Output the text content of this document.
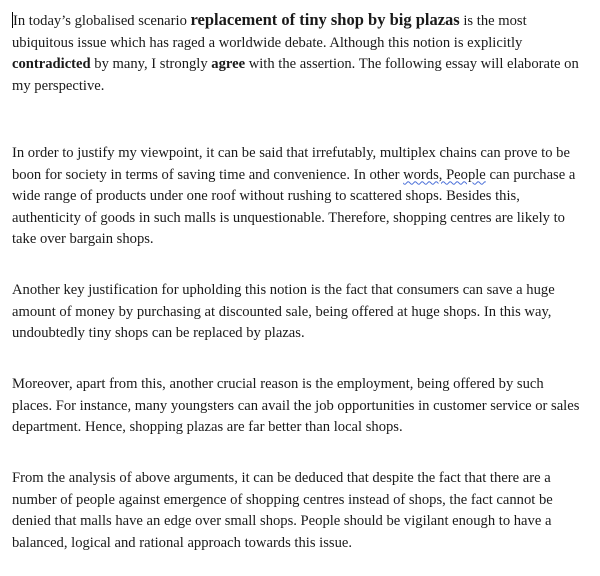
In today’s globalised scenario replacement of tiny shop by big plazas is the most ubiquitous issue which has raged a worldwide debate. Although this notion is explicitly contradicted by many, I strongly agree with the assertion. The following essay will elaborate on my perspective.

In order to justify my viewpoint, it can be said that irrefutably, multiplex chains can prove to be boon for society in terms of saving time and convenience. In other words, People can purchase a wide range of products under one roof without rushing to scattered shops. Besides this, authenticity of goods in such malls is unquestionable. Therefore, shopping centres are likely to take over bargain shops.

Another key justification for upholding this notion is the fact that consumers can save a huge amount of money by purchasing at discounted sale, being offered at huge shops. In this way, undoubtedly tiny shops can be replaced by plazas.

Moreover, apart from this, another crucial reason is the employment, being offered by such places. For instance, many youngsters can avail the job opportunities in customer service or sales department. Hence, shopping plazas are far better than local shops.

From the analysis of above arguments, it can be deduced that despite the fact that there are a number of people against emergence of shopping centres instead of shops, the fact cannot be denied that malls have an edge over small shops. People should be vigilant enough to have a balanced, logical and rational approach towards this issue.
